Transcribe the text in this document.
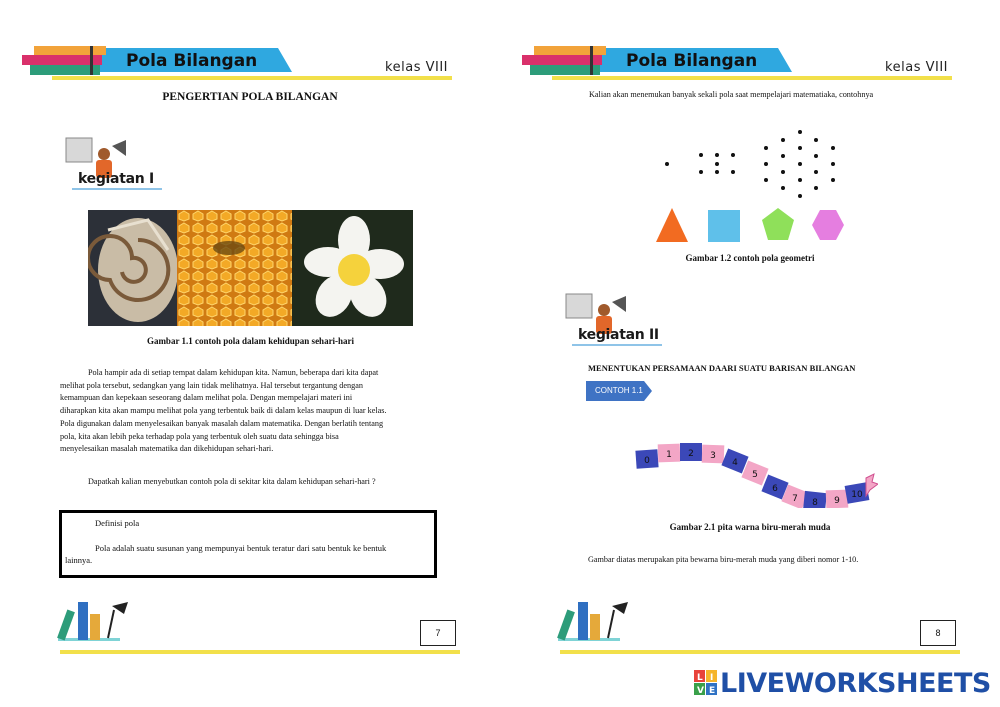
Pola Bilangan	kelas VIII
PENGERTIAN POLA BILANGAN
kegiatan I
Gambar 1.1 contoh pola dalam kehidupan sehari-hari
Pola hampir ada di setiap tempat dalam kehidupan kita. Namun, beberapa dari kita dapat
melihat pola tersebut, sedangkan yang lain tidak melihatnya. Hal tersebut tergantung dengan
kemampuan dan kepekaan seseorang dalam melihat pola. Dengan mempelajari materi ini
diharapkan kita akan mampu melihat pola yang terbentuk baik di dalam kelas maupun di luar kelas.
Pola digunakan dalam menyelesaikan banyak masalah dalam matematika. Dengan berlatih tentang
pola, kita akan lebih peka terhadap pola yang terbentuk oleh suatu data sehingga bisa
menyelesaikan masalah matematika dan dikehidupan sehari-hari.
Dapatkah kalian menyebutkan contoh pola di sekitar kita dalam kehidupan sehari-hari ?
Definisi pola
Pola adalah suatu susunan yang mempunyai bentuk teratur dari satu bentuk ke bentuk
lainnya.
7
Pola Bilangan	kelas VIII
Kalian akan menemukan banyak sekali pola saat mempelajari matematiaka, contohnya
Gambar 1.2 contoh pola geometri
kegiatan II
MENENTUKAN PERSAMAAN DAARI SUATU BARISAN BILANGAN
CONTOH 1.1
0
1 2 3
4
5
6
7 8 9
10
Gambar 2.1 pita warna biru-merah muda
Gambar diatas merupakan pita bewarna biru-merah muda yang diberi nomor 1-10.
8
L I
V E LIVEWORKSHEETS
